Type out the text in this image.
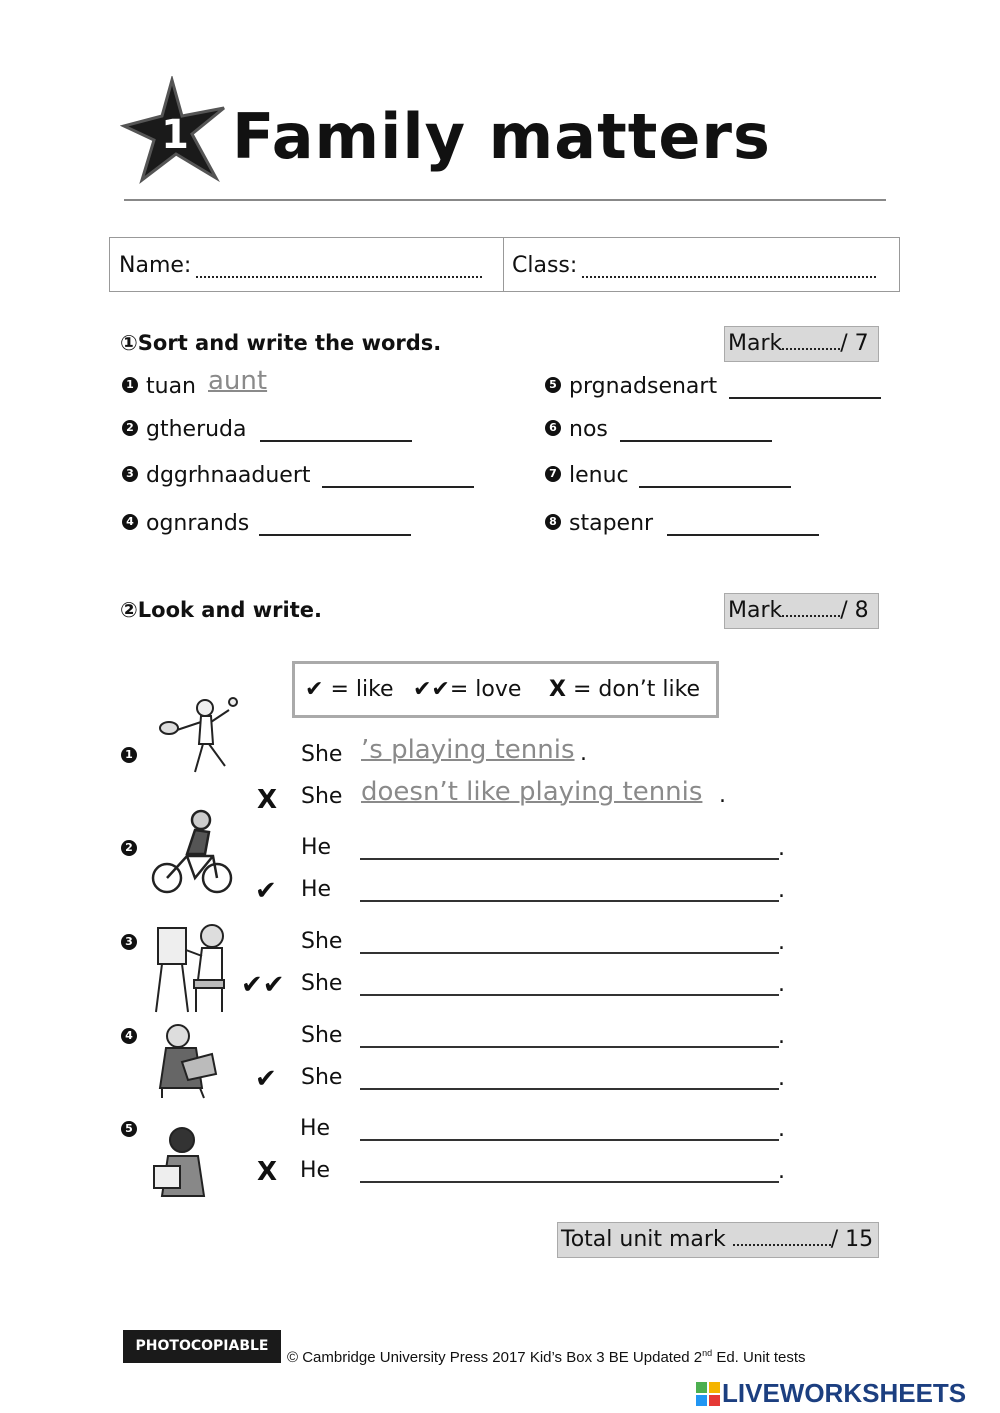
1 Family matters
Name:	Class:
①Sort and write the words.	Mark	/ 7
1 tuan aunt
2 gtheruda
3 dggrhnaaduert
4 ognrands
5 prgnadsenart
6 nos
7 lenuc
8 stapenr
②Look and write.	Mark	/ 8
✔ = like ✔✔= love X = don’t like
1	She ’s playing tennis .
X She doesn’t like playing tennis .
2	He	.
✔ He	.
3	She	.
✔✔ She	.
4	She	.
✔ She	.
5	He	.
X He	.
Total unit mark	/ 15
PHOTOCOPIABLE
© Cambridge University Press 2017 Kid’s Box 3 BE Updated 2nd Ed. Unit tests
LIVEWORKSHEETS
